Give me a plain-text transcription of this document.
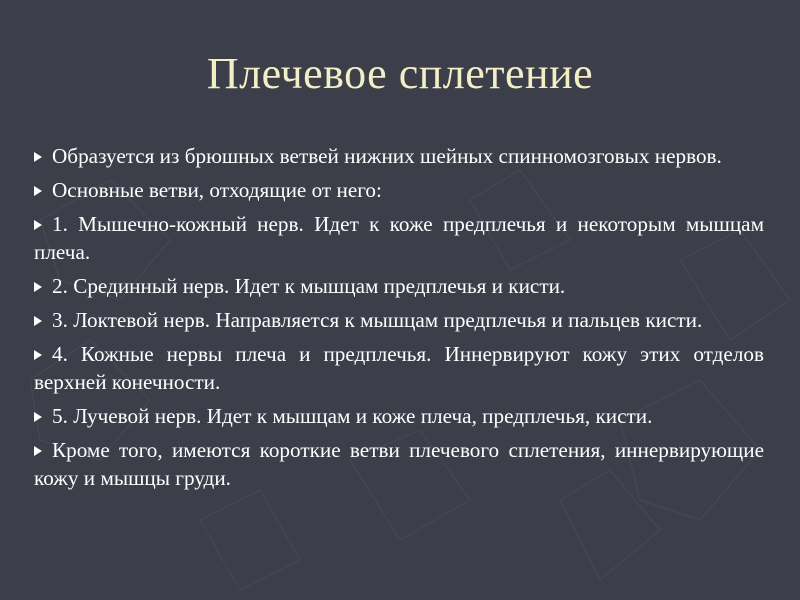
Плечевое сплетение

Образуется из брюшных ветвей нижних шейных спинномозговых нервов.

Основные ветви, отходящие от него:

1. Мышечно-кожный нерв. Идет к коже предплечья и некоторым мышцам плеча.

2. Срединный нерв. Идет к мышцам предплечья и кисти.

3. Локтевой нерв. Направляется к мышцам предплечья и пальцев кисти.

4. Кожные нервы плеча и предплечья. Иннервируют кожу этих отделов верхней конечности.

5. Лучевой нерв. Идет к мышцам и коже плеча, предплечья, кисти.

Кроме того, имеются короткие ветви плечевого сплетения, иннервирующие кожу и мышцы груди.
